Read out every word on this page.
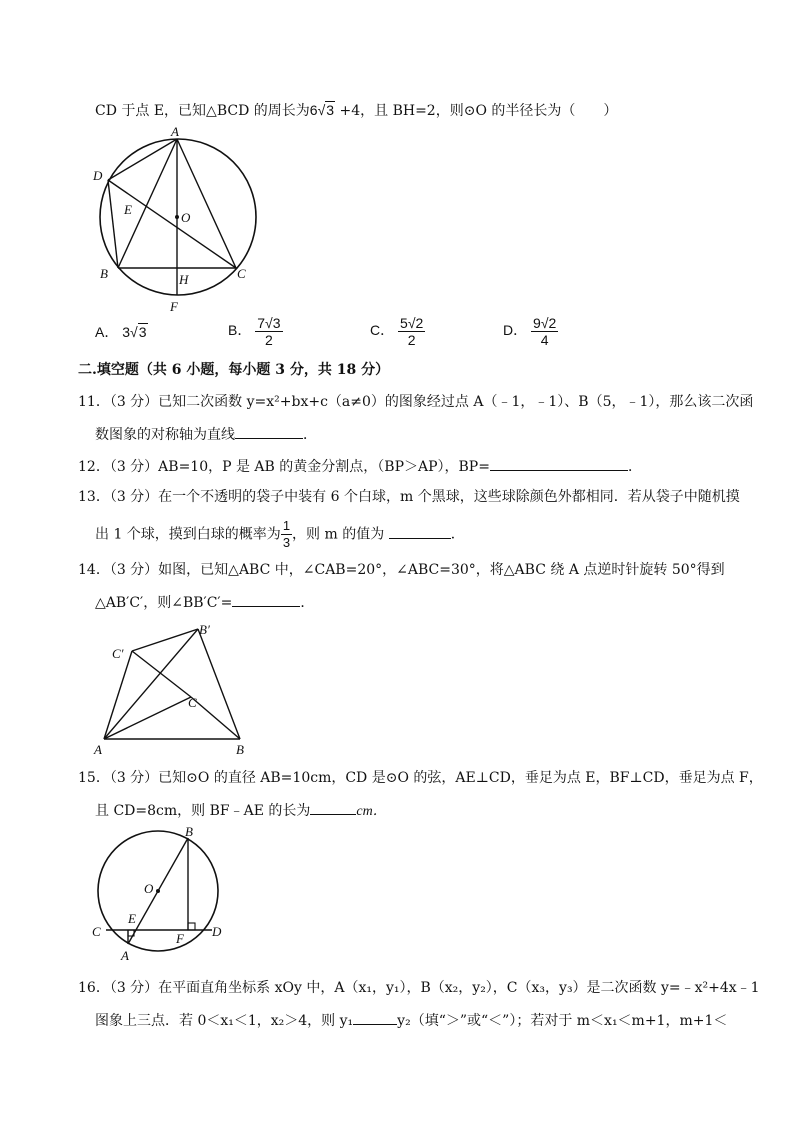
CD 于点 E，已知△BCD 的周长为6√3 +4，且 BH=2，则⊙O 的半径长为（　　）
A
D
E
O
B	H	C
F
A． 3√3	B． $\frac{7√3}{2}$	C． $\frac{5√2}{2}$	D． $\frac{9√2}{4}$
二.填空题（共 6 小题，每小题 3 分，共 18 分）
11．（3 分）已知二次函数 y=x²+bx+c（a≠0）的图象经过点 A（﹣1，﹣1）、B（5，﹣1），那么该二次函
数图象的对称轴为直线	．
12．（3 分）AB=10，P 是 AB 的黄金分割点，（BP＞AP），BP=	．
13．（3 分）在一个不透明的袋子中装有 6 个白球，m 个黑球，这些球除颜色外都相同．若从袋子中随机摸
出 1 个球，摸到白球的概率为 $\frac{1}{3}$ ，则 m 的值为	．
14．（3 分）如图，已知△ABC 中，∠CAB=20°，∠ABC=30°，将△ABC 绕 A 点逆时针旋转 50°得到
△AB′C′，则∠BB′C′=	．
B′
C′
C
A	B
15．（3 分）已知⊙O 的直径 AB=10cm，CD 是⊙O 的弦，AE⊥CD，垂足为点 E，BF⊥CD，垂足为点 F，
且 CD=8cm，则 BF﹣AE 的长为	cm．
B
O
E
C	F D
A
16．（3 分）在平面直角坐标系 xOy 中，A（x₁，y₁），B（x₂，y₂），C（x₃，y₃）是二次函数 y=﹣x²+4x﹣1
图象上三点．若 0＜x₁＜1，x₂＞4，则 y₁	y₂（填“＞”或“＜”）；若对于 m＜x₁＜m+1，m+1＜
